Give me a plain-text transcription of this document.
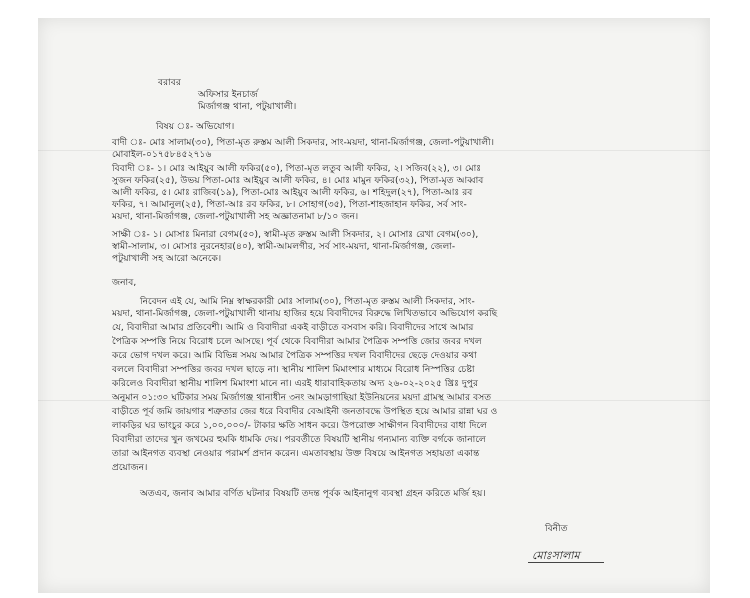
বরাবর
অফিসার ইনচার্জ
মির্জাগঞ্জ থানা, পটুয়াখালী।
বিষয় ঃ- অভিযোগ।
বাদী ঃ- মোঃ সালাম(৩০), পিতা-মৃত রুস্তম আলী সিকদার, সাং-ময়দা, থানা-মির্জাগঞ্জ, জেলা-পটুয়াখালী।
মোবাইল-০১৭৫৮৪৫২৭১৬
বিবাদী ঃ- ১। মোঃ আইয়ুব আলী ফকির(৫০), পিতা-মৃত লতুব আলী ফকির, ২। সজিব(২২), ৩। মোঃ
সুজন ফকির(২৫), উভয় পিতা-মোঃ আইয়ুব আলী ফকির, ৪। মোঃ মামুন ফকির(৩২), পিতা-মৃত আব্বাব
আলী ফকির, ৫। মোঃ রাজিব(১৯), পিতা-মোঃ আইয়ুব আলী ফকির, ৬। শহিদুল(২৭), পিতা-আঃ রব
ফকির, ৭। আমানুল(২৫), পিতা-আঃ রব ফকির, ৮। সোহাগ(৩৫), পিতা-শাহজাহান ফকির, সর্ব সাং-
ময়দা, থানা-মির্জাগঞ্জ, জেলা-পটুয়াখালী সহ অজ্ঞাতনামা ৮/১০ জন।
সাক্ষী ঃ- ১। মোসাঃ মিনারা বেগম(৫০), স্বামী-মৃত রুস্তম আলী সিকদার, ২। মোসাঃ রেখা বেগম(৩০),
স্বামী-সালাম, ৩। মোসাঃ নুরনেহার(৪০), স্বামী-আমলগীর, সর্ব সাং-ময়দা, থানা-মির্জাগঞ্জ, জেলা-
পটুয়াখালী সহ আরো অনেকে।
জনাব,
নিবেদন এই যে, আমি নিম্ন স্বাক্ষরকারী মোঃ সালাম(৩০), পিতা-মৃত রুস্তম আলী সিকদার, সাং-
ময়দা, থানা-মির্জাগঞ্জ, জেলা-পটুয়াখালী থানায় হাজির হয়ে বিবাদীদের বিরুদ্ধে লিখিতভাবে অভিযোগ করছি
যে, বিবাদীরা আমার প্রতিবেশী। আমি ও বিবাদীরা একই বাড়ীতে বসবাস করি। বিবাদীদের সাথে আমার
পৈত্রিক সম্পত্তি নিয়ে বিরোধ চলে আসছে। পূর্ব থেকে বিবাদীরা আমার পৈত্রিক সম্পত্তি জোর জবর দখল
করে ভোগ দখল করে। আমি বিভিন্ন সময় আমার পৈত্রিক সম্পত্তির দখল বিবাদীদের ছেড়ে দেওয়ার কথা
বললে বিবাদীরা সম্পত্তির জবর দখল ছাড়ে না। স্থানীয় শালিশ মিমাংশার মাধ্যমে বিরোধ নিস্পত্তির চেষ্টা
করিলেও বিবাদীরা স্থানীয় শালিশ মিমাংশা মানে না। এরই ধারাবাহিকতায় অদ্য ২৬-০২-২০২৫ খ্রিঃ দুপুর
অনুমান ০১:৩০ ঘটিকার সময় মির্জাগঞ্জ থানাধীন ৩নং আমড়াগাছিয়া ইউনিয়নের ময়দা গ্রামস্থ আমার বসত
বাড়ীতে পূর্ব জমি জায়গার শত্রুতার জের ধরে বিবাদীর বেআইনী জনতাবদ্ধে উপস্থিত হয়ে আমার রান্না ঘর ও
লাকড়ির ঘর ভাংচুর করে ১,০০,০০০/- টাকার ক্ষতি সাধন করে। উপরোক্ত সাক্ষীগন বিবাদীদের বাধা দিলে
বিবাদীরা তাদের খুন জখমের হুমকি ধামকি দেয়। পরবর্তীতে বিষয়টি স্থানীয় গন্যমান্য ব্যক্তি বর্গকে জানালে
তারা আইনগত ব্যবস্থা নেওয়ার পরামর্শ প্রদান করেন। এমতাবস্থায় উক্ত বিষয়ে আইনগত সহায়তা একান্ত
প্রয়োজন।
অতএব, জনাব আমার বর্ণিত ঘটনার বিষয়টি তদন্ত পূর্বক আইনানুগ ব্যবস্থা গ্রহন করিতে মর্জি হয়।
বিনীত
মোঃসালাম
